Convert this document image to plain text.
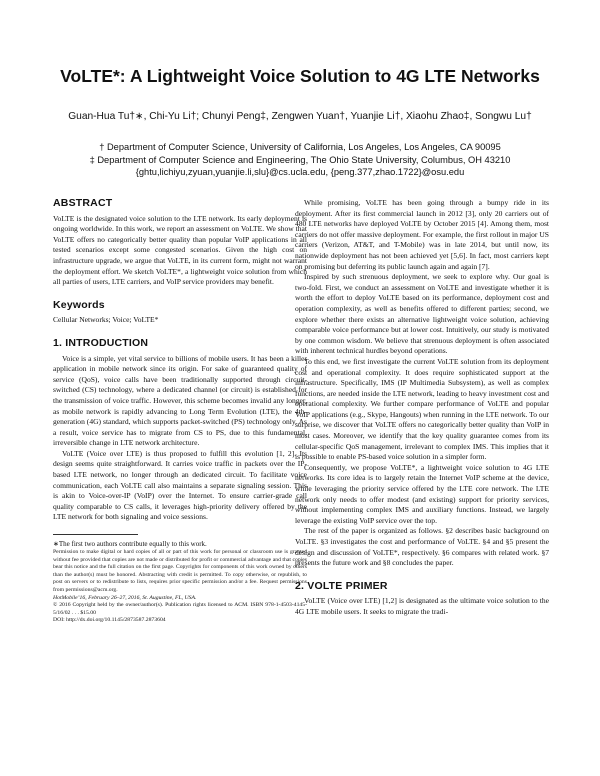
VoLTE*: A Lightweight Voice Solution to 4G LTE Networks
Guan-Hua Tu†∗, Chi-Yu Li†; Chunyi Peng‡, Zengwen Yuan†, Yuanjie Li†, Xiaohu Zhao‡, Songwu Lu†
† Department of Computer Science, University of California, Los Angeles, Los Angeles, CA 90095
‡ Department of Computer Science and Engineering, The Ohio State University, Columbus, OH 43210
{ghtu,lichiyu,zyuan,yuanjie.li,slu}@cs.ucla.edu, {peng.377,zhao.1722}@osu.edu
ABSTRACT

VoLTE is the designated voice solution to the LTE network. Its early deployment is ongoing worldwide. In this work, we report an assessment on VoLTE. We show that VoLTE offers no categorically better quality than popular VoIP applications in all tested scenarios except some congested scenarios. Given the high cost on infrastructure upgrade, we argue that VoLTE, in its current form, might not warrant the deployment effort. We sketch VoLTE*, a lightweight voice solution from which all parties of users, LTE carriers, and VoIP service providers may benefit.

Keywords

Cellular Networks; Voice; VoLTE*

1. INTRODUCTION

Voice is a simple, yet vital service to billions of mobile users. It has been a killer application in mobile network since its origin. For sake of guaranteed quality of service (QoS), voice calls have been traditionally supported through circuit-switched (CS) technology, where a dedicated channel (or circuit) is established for the transmission of voice traffic. However, this scheme becomes invalid any longer, as mobile network is rapidly advancing to Long Term Evolution (LTE), the 4th-generation (4G) standard, which supports packet-switched (PS) technology only. As a result, voice service has to migrate from CS to PS, due to this fundamental, irreversible change in LTE network architecture.

VoLTE (Voice over LTE) is thus proposed to fulfill this evolution [1, 2]. Its design seems quite straightforward. It carries voice traffic in packets over the IP-based LTE network, no longer through an dedicated circuit. To facilitate voice communication, each VoLTE call also maintains a separate signaling session. This is akin to Voice-over-IP (VoIP) over the Internet. To ensure carrier-grade call quality comparable to CS calls, it leverages high-priority delivery offered by the LTE network for both signaling and voice sessions.

∗The first two authors contribute equally to this work.

Permission to make digital or hard copies of all or part of this work for personal or classroom use is granted without fee provided that copies are not made or distributed for profit or commercial advantage and that copies bear this notice and the full citation on the first page. Copyrights for components of this work owned by others than the author(s) must be honored. Abstracting with credit is permitted. To copy otherwise, or republish, to post on servers or to redistribute to lists, requires prior specific permission and/or a fee. Request permissions from permissions@acm.org.

HotMobile’16, February 26–27, 2016, St. Augustine, FL, USA.

© 2016 Copyright held by the owner/author(s). Publication rights licensed to ACM. ISBN 978-1-4503-4145-5/16/02 . . . $15.00

DOI: http://dx.doi.org/10.1145/2873587.2873604

While promising, VoLTE has been going through a bumpy ride in its deployment. After its first commercial launch in 2012 [3], only 20 carriers out of 480 LTE networks have deployed VoLTE by October 2015 [4]. Among them, most carriers do not offer massive deployment. For example, the first rollout in major US carriers (Verizon, AT&T, and T-Mobile) was in late 2014, but until now, its nationwide deployment has not been achieved yet [5,6]. In fact, most carriers kept on promising but deferring its public launch again and again [7].

Inspired by such strenuous deployment, we seek to explore why. Our goal is two-fold. First, we conduct an assessment on VoLTE and investigate whether it is worth the effort to deploy VoLTE based on its performance, deployment cost and operation complexity, as well as benefits offered to different parties; second, we explore whether there exists an alternative lightweight voice solution, achieving comparable voice performance but at lower cost. Intuitively, our study is motivated by one common wisdom. We believe that strenuous deployment is often associated with inherent technical hurdles beyond operations.

To this end, we first investigate the current VoLTE solution from its deployment cost and operational complexity. It does require sophisticated support at the infrastructure. Specifically, IMS (IP Multimedia Subsystem), as well as complex functions, are needed inside the LTE network, leading to heavy investment cost and operational complexity. We further compare performance of VoLTE and popular VoIP applications (e.g., Skype, Hangouts) when running in the LTE network. To our surprise, we discover that VoLTE offers no categorically better quality than VoIP in most cases. Moreover, we identify that the key quality guarantee comes from its cellular-specific QoS management, irrelevant to complex IMS. This implies that it is possible to enable PS-based voice solution in a simpler form.

Consequently, we propose VoLTE*, a lightweight voice solution to 4G LTE networks. Its core idea is to largely retain the Internet VoIP scheme at the device, while leveraging the priority service offered by the LTE core network. The LTE network only needs to offer modest (and existing) support for priority services, without implementing complex IMS and auxiliary functions. Instead, we largely leverage the existing VoIP service over the top.

The rest of the paper is organized as follows. §2 describes basic background on VoLTE. §3 investigates the cost and performance of VoLTE. §4 and §5 present the design and discussion of VoLTE*, respectively. §6 compares with related work. §7 presents the future work and §8 concludes the paper.

2. VOLTE PRIMER

VoLTE (Voice over LTE) [1,2] is designated as the ultimate voice solution to the 4G LTE mobile users. It seeks to migrate the tradi-
